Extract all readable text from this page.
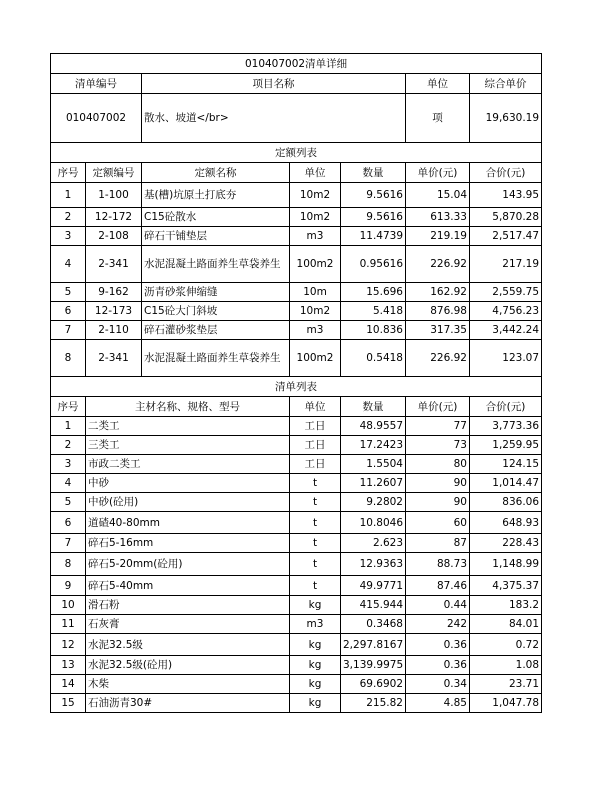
010407002清单详细						
清单编号		项目名称			单位	综合单价
010407002		散水、坡道</br>			项	19,630.19
定额列表						
序号	定额编号	定额名称	单位	数量	单价(元)	合价(元)
1	1-100	基(槽)坑原土打底夯	10m2	9.5616	15.04	143.95
2	12-172	C15砼散水	10m2	9.5616	613.33	5,870.28
3	2-108	碎石干铺垫层	m3	11.4739	219.19	2,517.47
4	2-341	水泥混凝土路面养生草袋养生	100m2	0.95616	226.92	217.19
5	9-162	沥青砂浆伸缩缝	10m	15.696	162.92	2,559.75
6	12-173	C15砼大门斜坡	10m2	5.418	876.98	4,756.23
7	2-110	碎石灌砂浆垫层	m3	10.836	317.35	3,442.24
8	2-341	水泥混凝土路面养生草袋养生	100m2	0.5418	226.92	123.07
清单列表						
序号	主材名称、规格、型号		单位	数量	单价(元)	合价(元)
1	二类工		工日	48.9557	77	3,773.36
2	三类工		工日	17.2423	73	1,259.95
3	市政二类工		工日	1.5504	80	124.15
4	中砂		t	11.2607	90	1,014.47
5	中砂(砼用)		t	9.2802	90	836.06
6	道碴40-80mm		t	10.8046	60	648.93
7	碎石5-16mm		t	2.623	87	228.43
8	碎石5-20mm(砼用)		t	12.9363	88.73	1,148.99
9	碎石5-40mm		t	49.9771	87.46	4,375.37
10	滑石粉		kg	415.944	0.44	183.2
11	石灰膏		m3	0.3468	242	84.01
12	水泥32.5级		kg	2,297.8167	0.36	0.72
13	水泥32.5级(砼用)		kg	3,139.9975	0.36	1.08
14	木柴		kg	69.6902	0.34	23.71
15	石油沥青30#		kg	215.82	4.85	1,047.78
